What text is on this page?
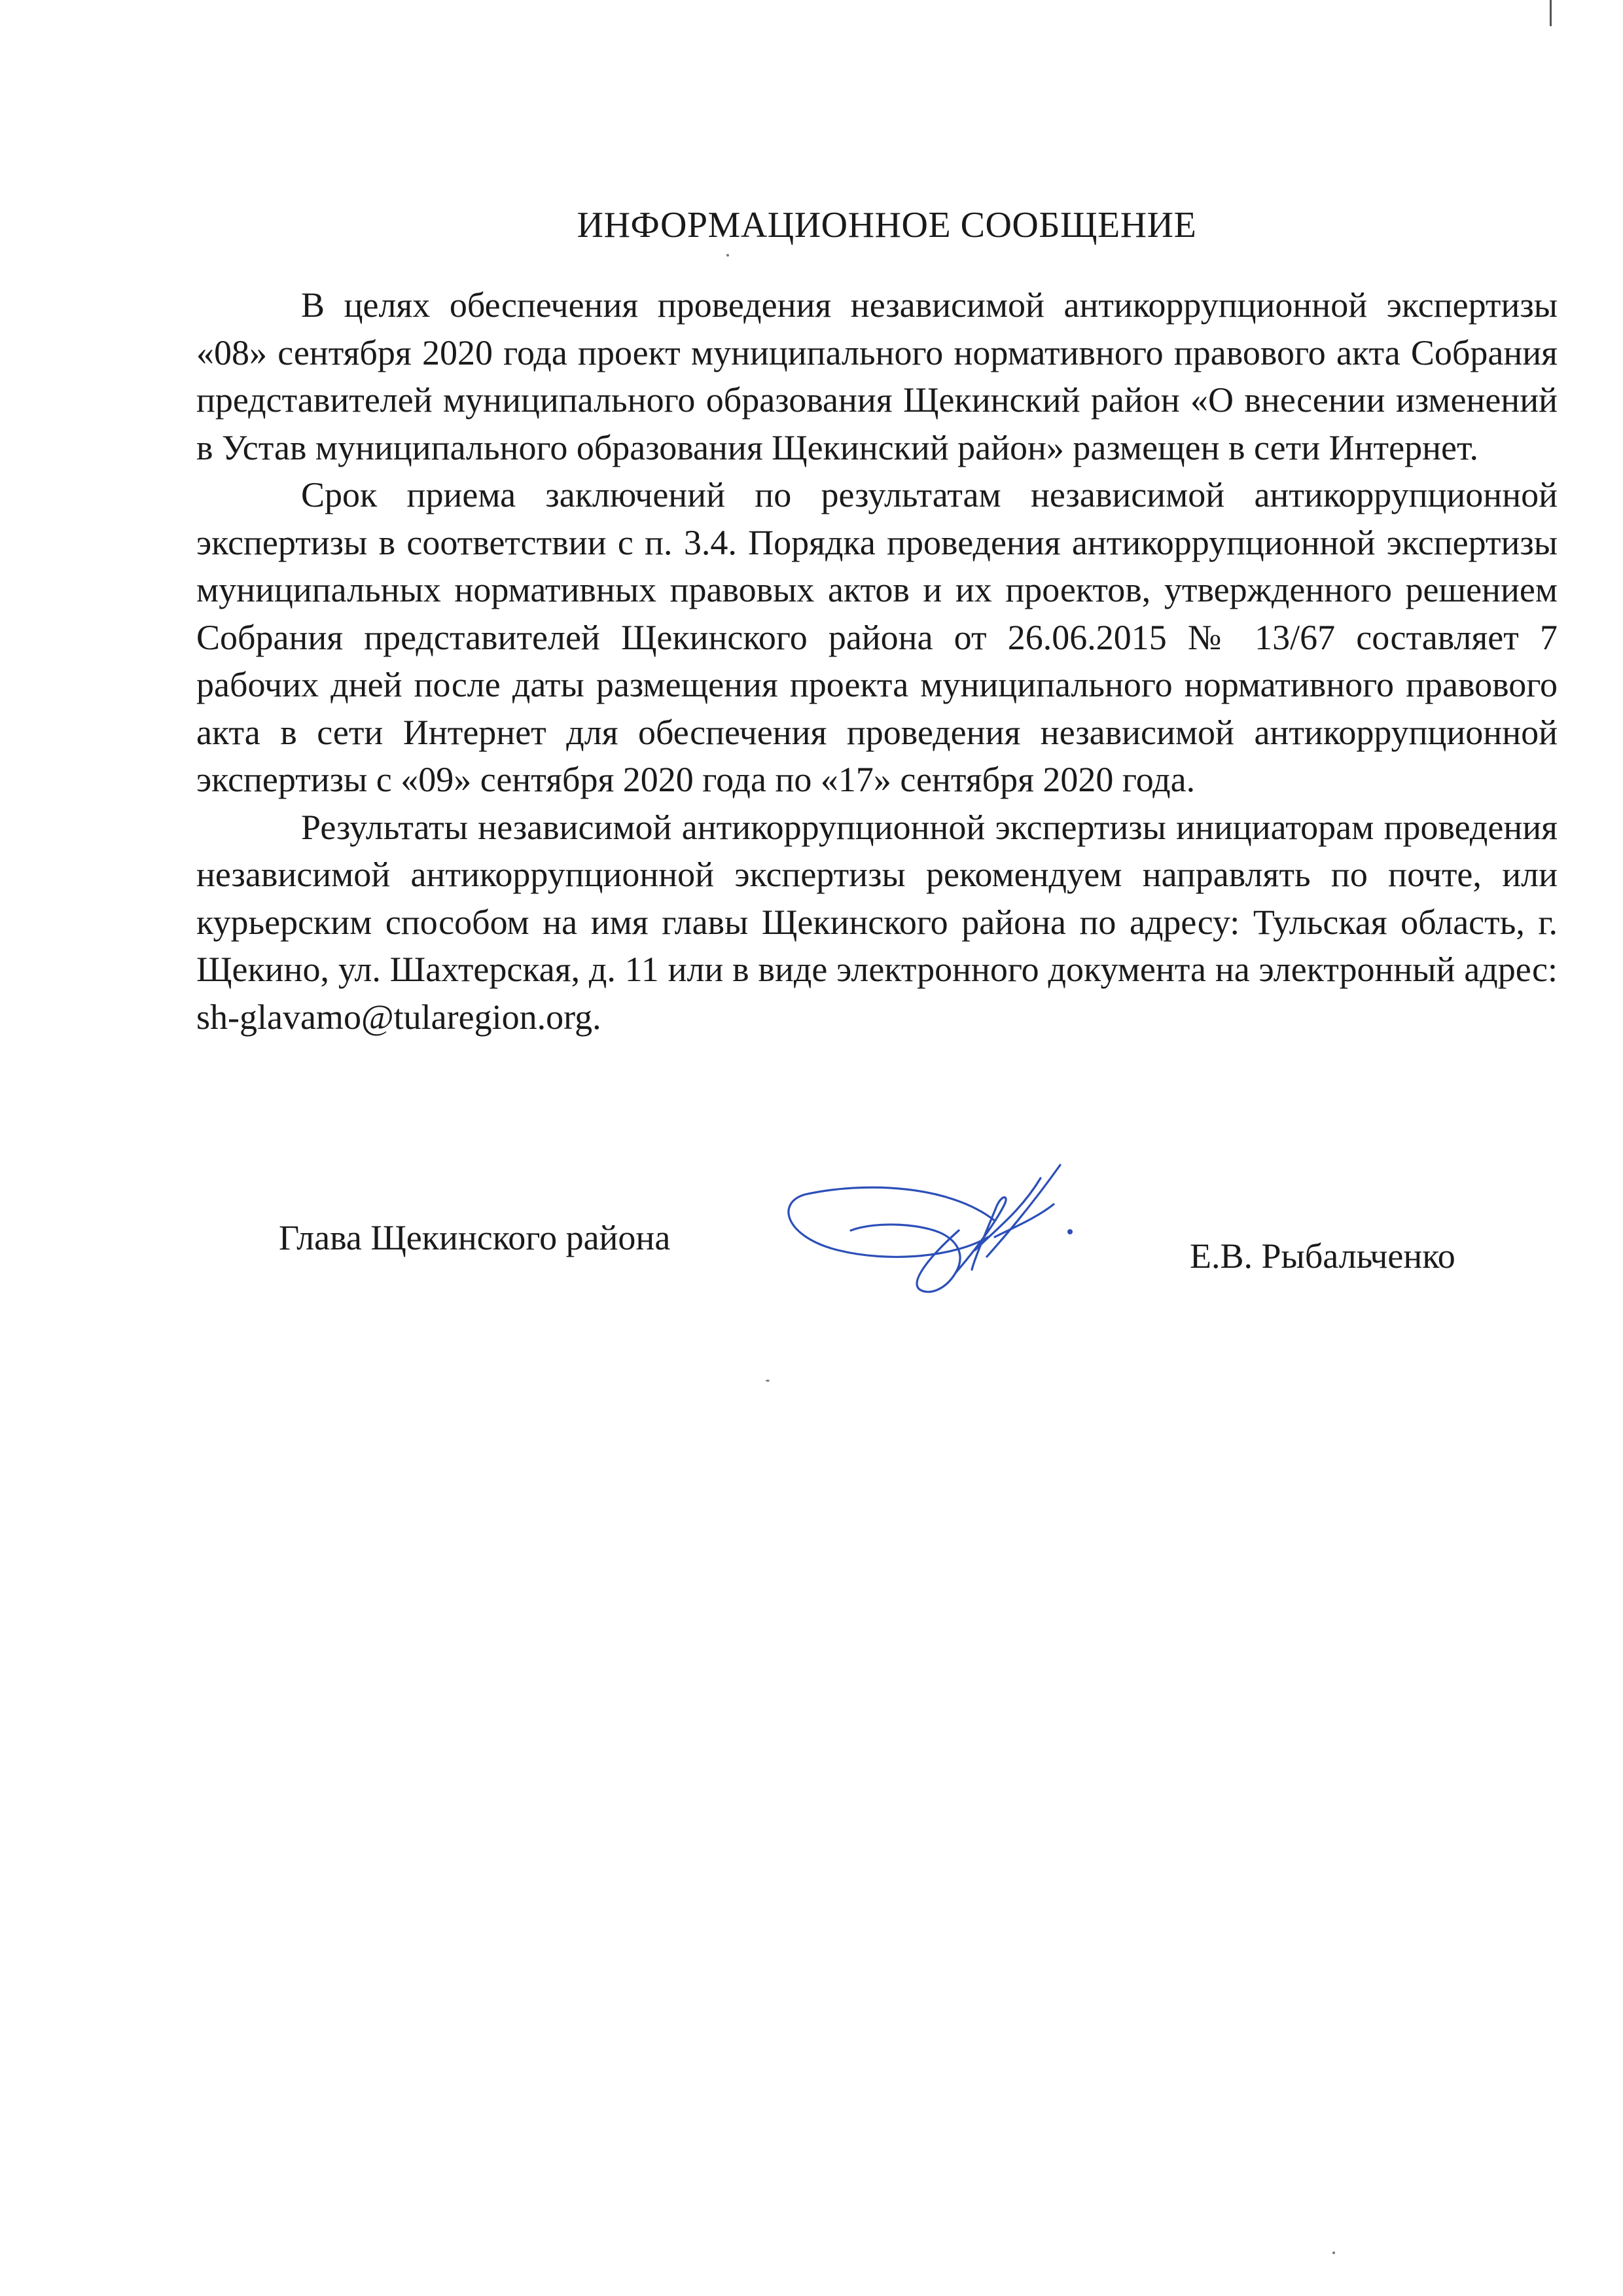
ИНФОРМАЦИОННОЕ СООБЩЕНИЕ

В целях обеспечения проведения независимой антикоррупционной экспертизы «08» сентября 2020 года проект муниципального нормативного правового акта Собрания представителей муниципального образования Щекинский район «О внесении изменений в Устав муниципального образования Щекинский район» размещен в сети Интернет.

Срок приема заключений по результатам независимой антикоррупционной экспертизы в соответствии с п. 3.4. Порядка проведения антикоррупционной экспертизы муниципальных нормативных правовых актов и их проектов, утвержденного решением Собрания представителей Щекинского района от 26.06.2015 № 13/67 составляет 7 рабочих дней после даты размещения проекта муниципального нормативного правового акта в сети Интернет для обеспечения проведения независимой антикоррупционной экспертизы с «09» сентября 2020 года по «17» сентября 2020 года.

Результаты независимой антикоррупционной экспертизы инициаторам проведения независимой антикоррупционной экспертизы рекомендуем направлять по почте, или курьерским способом на имя главы Щекинского района по адресу: Тульская область, г. Щекино, ул. Шахтерская, д. 11 или в виде электронного документа на электронный адрес: sh-glavamo@tularegion.org.

Глава Щекинского района	Е.В. Рыбальченко
